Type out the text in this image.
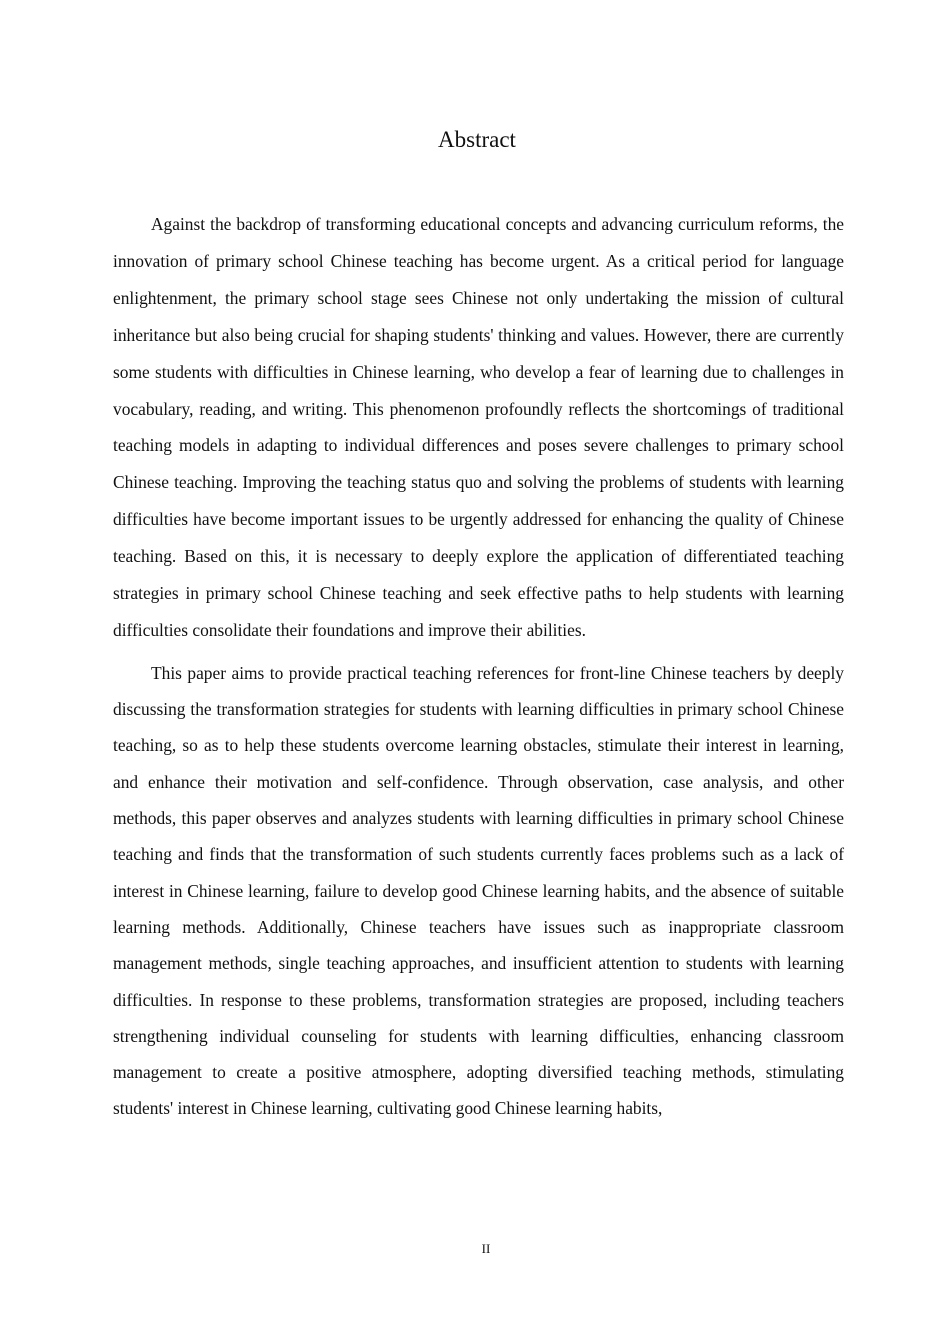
Abstract

Against the backdrop of transforming educational concepts and advancing curriculum reforms, the innovation of primary school Chinese teaching has become urgent. As a critical period for language enlightenment, the primary school stage sees Chinese not only undertaking the mission of cultural inheritance but also being crucial for shaping students' thinking and values. However, there are currently some students with difficulties in Chinese learning, who develop a fear of learning due to challenges in vocabulary, reading, and writing. This phenomenon profoundly reflects the shortcomings of traditional teaching models in adapting to individual differences and poses severe challenges to primary school Chinese teaching. Improving the teaching status quo and solving the problems of students with learning difficulties have become important issues to be urgently addressed for enhancing the quality of Chinese teaching. Based on this, it is necessary to deeply explore the application of differentiated teaching strategies in primary school Chinese teaching and seek effective paths to help students with learning difficulties consolidate their foundations and improve their abilities.

This paper aims to provide practical teaching references for front-line Chinese teachers by deeply discussing the transformation strategies for students with learning difficulties in primary school Chinese teaching, so as to help these students overcome learning obstacles, stimulate their interest in learning, and enhance their motivation and self-confidence. Through observation, case analysis, and other methods, this paper observes and analyzes students with learning difficulties in primary school Chinese teaching and finds that the transformation of such students currently faces problems such as a lack of interest in Chinese learning, failure to develop good Chinese learning habits, and the absence of suitable learning methods. Additionally, Chinese teachers have issues such as inappropriate classroom management methods, single teaching approaches, and insufficient attention to students with learning difficulties. In response to these problems, transformation strategies are proposed, including teachers strengthening individual counseling for students with learning difficulties, enhancing classroom management to create a positive atmosphere, adopting diversified teaching methods, stimulating students' interest in Chinese learning, cultivating good Chinese learning habits,

II
